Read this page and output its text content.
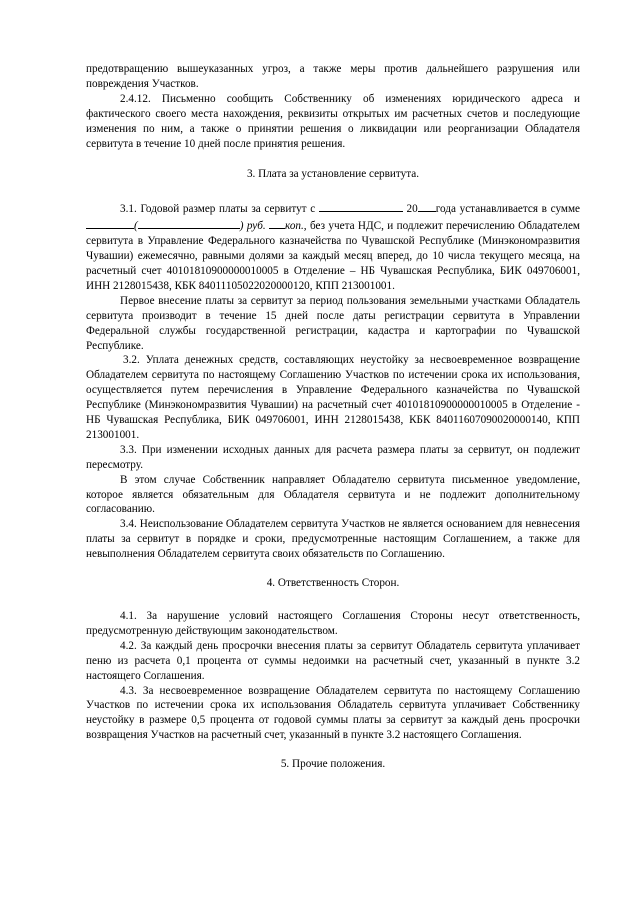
предотвращению вышеуказанных угроз, а также меры против дальнейшего разрушения или повреждения Участков.

2.4.12. Письменно сообщить Собственнику об изменениях юридического адреса и фактического своего места нахождения, реквизиты открытых им расчетных счетов и последующие изменения по ним, а также о принятии решения о ликвидации или реорганизации Обладателя сервитута в течение 10 дней после принятия решения.

3. Плата за установление сервитута.

3.1. Годовой размер платы за сервитут с	20 года устанавливается в сумме (	) руб. коп., без учета НДС, и подлежит перечислению Обладателем сервитута в Управление Федерального казначейства по Чувашской Республике (Минэкономразвития Чувашии) ежемесячно, равными долями за каждый месяц вперед, до 10 числа текущего месяца, на расчетный счет 40101810900000010005 в Отделение – НБ Чувашская Республика, БИК 049706001, ИНН 2128015438, КБК 84011105022020000120, КПП 213001001.

Первое внесение платы за сервитут за период пользования земельными участками Обладатель сервитута производит в течение 15 дней после даты регистрации сервитута в Управлении Федеральной службы государственной регистрации, кадастра и картографии по Чувашской Республике.

3.2. Уплата денежных средств, составляющих неустойку за несвоевременное возвращение Обладателем сервитута по настоящему Соглашению Участков по истечении срока их использования, осуществляется путем перечисления в Управление Федерального казначейства по Чувашской Республике (Минэкономразвития Чувашии) на расчетный счет 40101810900000010005 в Отделение - НБ Чувашская Республика, БИК 049706001, ИНН 2128015438, КБК 84011607090020000140, КПП 213001001.

3.3. При изменении исходных данных для расчета размера платы за сервитут, он подлежит пересмотру.

В этом случае Собственник направляет Обладателю сервитута письменное уведомление, которое является обязательным для Обладателя сервитута и не подлежит дополнительному согласованию.

3.4. Неиспользование Обладателем сервитута Участков не является основанием для невнесения платы за сервитут в порядке и сроки, предусмотренные настоящим Соглашением, а также для невыполнения Обладателем сервитута своих обязательств по Соглашению.

4. Ответственность Сторон.

4.1. За нарушение условий настоящего Соглашения Стороны несут ответственность, предусмотренную действующим законодательством.

4.2. За каждый день просрочки внесения платы за сервитут Обладатель сервитута уплачивает пеню из расчета 0,1 процента от суммы недоимки на расчетный счет, указанный в пункте 3.2 настоящего Соглашения.

4.3. За несвоевременное возвращение Обладателем сервитута по настоящему Соглашению Участков по истечении срока их использования Обладатель сервитута уплачивает Собственнику неустойку в размере 0,5 процента от годовой суммы платы за сервитут за каждый день просрочки возвращения Участков на расчетный счет, указанный в пункте 3.2 настоящего Соглашения.

5. Прочие положения.
